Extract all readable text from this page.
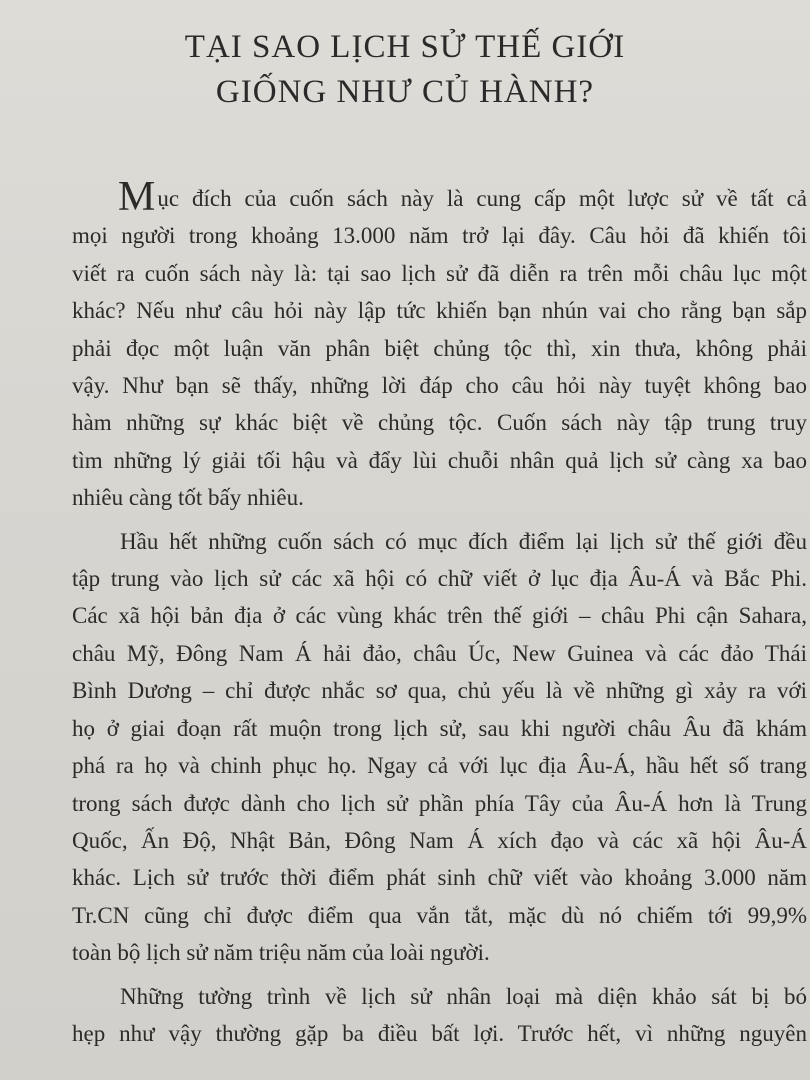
TẠI SAO LỊCH SỬ THẾ GIỚI
GIỐNG NHƯ CỦ HÀNH?

Mục đích của cuốn sách này là cung cấp một lược sử về tất cả
mọi người trong khoảng 13.000 năm trở lại đây. Câu hỏi đã khiến tôi
viết ra cuốn sách này là: tại sao lịch sử đã diễn ra trên mỗi châu lục một
khác? Nếu như câu hỏi này lập tức khiến bạn nhún vai cho rằng bạn sắp
phải đọc một luận văn phân biệt chủng tộc thì, xin thưa, không phải
vậy. Như bạn sẽ thấy, những lời đáp cho câu hỏi này tuyệt không bao
hàm những sự khác biệt về chủng tộc. Cuốn sách này tập trung truy
tìm những lý giải tối hậu và đẩy lùi chuỗi nhân quả lịch sử càng xa bao
nhiêu càng tốt bấy nhiêu.

Hầu hết những cuốn sách có mục đích điểm lại lịch sử thế giới đều
tập trung vào lịch sử các xã hội có chữ viết ở lục địa Âu-Á và Bắc Phi.
Các xã hội bản địa ở các vùng khác trên thế giới – châu Phi cận Sahara,
châu Mỹ, Đông Nam Á hải đảo, châu Úc, New Guinea và các đảo Thái
Bình Dương – chỉ được nhắc sơ qua, chủ yếu là về những gì xảy ra với
họ ở giai đoạn rất muộn trong lịch sử, sau khi người châu Âu đã khám
phá ra họ và chinh phục họ. Ngay cả với lục địa Âu-Á, hầu hết số trang
trong sách được dành cho lịch sử phần phía Tây của Âu-Á hơn là Trung
Quốc, Ấn Độ, Nhật Bản, Đông Nam Á xích đạo và các xã hội Âu-Á
khác. Lịch sử trước thời điểm phát sinh chữ viết vào khoảng 3.000 năm
Tr.CN cũng chỉ được điểm qua vắn tắt, mặc dù nó chiếm tới 99,9%
toàn bộ lịch sử năm triệu năm của loài người.

Những tường trình về lịch sử nhân loại mà diện khảo sát bị bó
hẹp như vậy thường gặp ba điều bất lợi. Trước hết, vì những nguyên
